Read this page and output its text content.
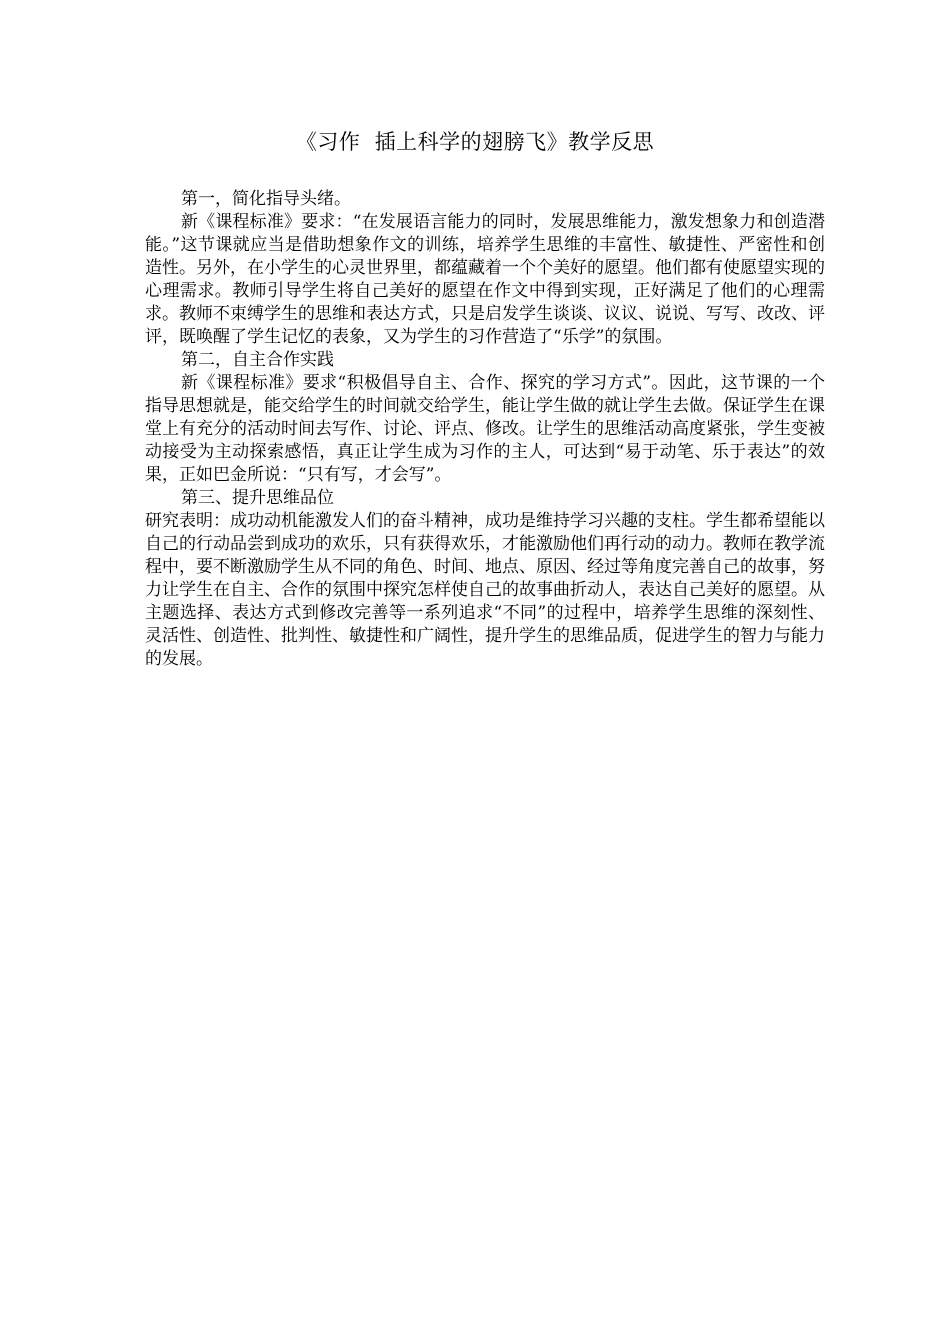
《习作  插上科学的翅膀飞》教学反思

第一，简化指导头绪。

新《课程标准》要求：“在发展语言能力的同时，发展思维能力，激发想象力和创造潜能。”这节课就应当是借助想象作文的训练，培养学生思维的丰富性、敏捷性、严密性和创造性。另外，在小学生的心灵世界里，都蕴藏着一个个美好的愿望。他们都有使愿望实现的心理需求。教师引导学生将自己美好的愿望在作文中得到实现，正好满足了他们的心理需求。教师不束缚学生的思维和表达方式，只是启发学生谈谈、议议、说说、写写、改改、评评，既唤醒了学生记忆的表象，又为学生的习作营造了“乐学”的氛围。

第二，自主合作实践

新《课程标准》要求“积极倡导自主、合作、探究的学习方式”。因此，这节课的一个指导思想就是，能交给学生的时间就交给学生，能让学生做的就让学生去做。保证学生在课堂上有充分的活动时间去写作、讨论、评点、修改。让学生的思维活动高度紧张，学生变被动接受为主动探索感悟，真正让学生成为习作的主人，可达到“易于动笔、乐于表达”的效果，正如巴金所说：“只有写，才会写”。

第三、提升思维品位

研究表明：成功动机能激发人们的奋斗精神，成功是维持学习兴趣的支柱。学生都希望能以自己的行动品尝到成功的欢乐，只有获得欢乐，才能激励他们再行动的动力。教师在教学流程中，要不断激励学生从不同的角色、时间、地点、原因、经过等角度完善自己的故事，努力让学生在自主、合作的氛围中探究怎样使自己的故事曲折动人，表达自己美好的愿望。从主题选择、表达方式到修改完善等一系列追求“不同”的过程中，培养学生思维的深刻性、灵活性、创造性、批判性、敏捷性和广阔性，提升学生的思维品质，促进学生的智力与能力的发展。
